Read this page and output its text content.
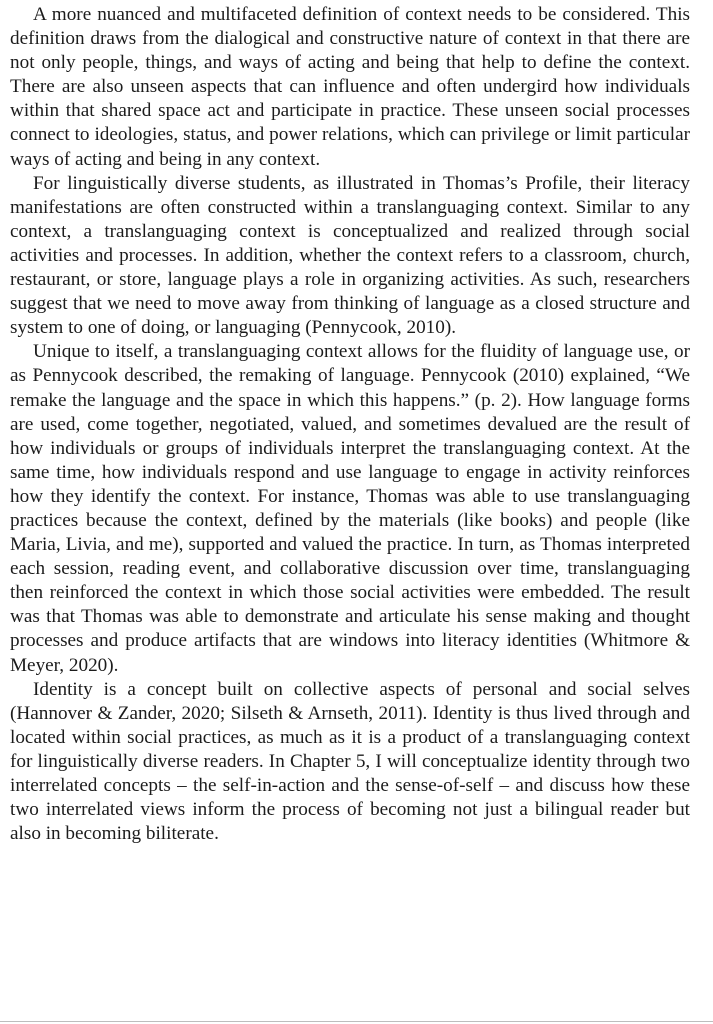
A more nuanced and multifaceted definition of context needs to be considered. This definition draws from the dialogical and constructive nature of context in that there are not only people, things, and ways of acting and being that help to define the context. There are also unseen aspects that can influence and often undergird how individuals within that shared space act and participate in practice. These unseen social processes connect to ideologies, status, and power relations, which can privilege or limit particular ways of acting and being in any context.

For linguistically diverse students, as illustrated in Thomas’s Profile, their literacy manifestations are often constructed within a translanguaging context. Similar to any context, a translanguaging context is conceptualized and realized through social activities and processes. In addition, whether the context refers to a classroom, church, restaurant, or store, language plays a role in organizing activities. As such, researchers suggest that we need to move away from thinking of language as a closed structure and system to one of doing, or languaging (Pennycook, 2010).

Unique to itself, a translanguaging context allows for the fluidity of language use, or as Pennycook described, the remaking of language. Pennycook (2010) explained, “We remake the language and the space in which this happens.” (p. 2). How language forms are used, come together, negotiated, valued, and sometimes devalued are the result of how individuals or groups of individuals interpret the translanguaging context. At the same time, how individuals respond and use language to engage in activity reinforces how they identify the context. For instance, Thomas was able to use translanguaging practices because the context, defined by the materials (like books) and people (like Maria, Livia, and me), supported and valued the practice. In turn, as Thomas interpreted each session, reading event, and collaborative discussion over time, translanguaging then reinforced the context in which those social activities were embedded. The result was that Thomas was able to demonstrate and articulate his sense making and thought processes and produce artifacts that are windows into literacy identities (Whitmore & Meyer, 2020).

Identity is a concept built on collective aspects of personal and social selves (Hannover & Zander, 2020; Silseth & Arnseth, 2011). Identity is thus lived through and located within social practices, as much as it is a product of a translanguaging context for linguistically diverse readers. In Chapter 5, I will conceptualize identity through two interrelated concepts – the self-in-action and the sense-of-self – and discuss how these two interrelated views inform the process of becoming not just a bilingual reader but also in becoming biliterate.
